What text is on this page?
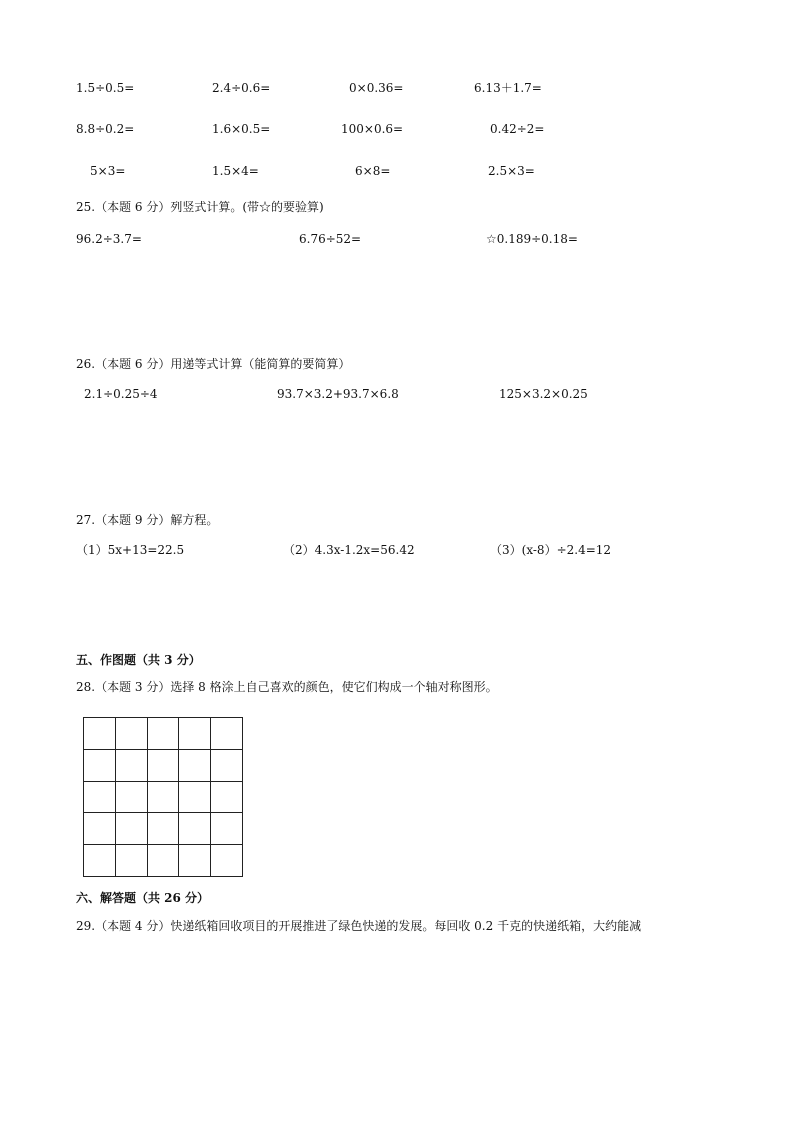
1.5÷0.5=	2.4÷0.6=	0×0.36=	6.13＋1.7=
8.8÷0.2=	1.6×0.5=	100×0.6=	0.42÷2=
5×3=	1.5×4=	6×8=	2.5×3=
25.（本题 6 分）列竖式计算。(带☆的要验算)
96.2÷3.7=	6.76÷52=	☆0.189÷0.18=
26.（本题 6 分）用递等式计算（能简算的要简算）
2.1÷0.25÷4	93.7×3.2+93.7×6.8	125×3.2×0.25
27.（本题 9 分）解方程。
（1）5x+13=22.5	（2）4.3x-1.2x=56.42	（3）(x-8）÷2.4=12
五、作图题（共 3 分）
28.（本题 3 分）选择 8 格涂上自己喜欢的颜色，使它们构成一个轴对称图形。
六、解答题（共 26 分）
29.（本题 4 分）快递纸箱回收项目的开展推进了绿色快递的发展。每回收 0.2 千克的快递纸箱，大约能减
